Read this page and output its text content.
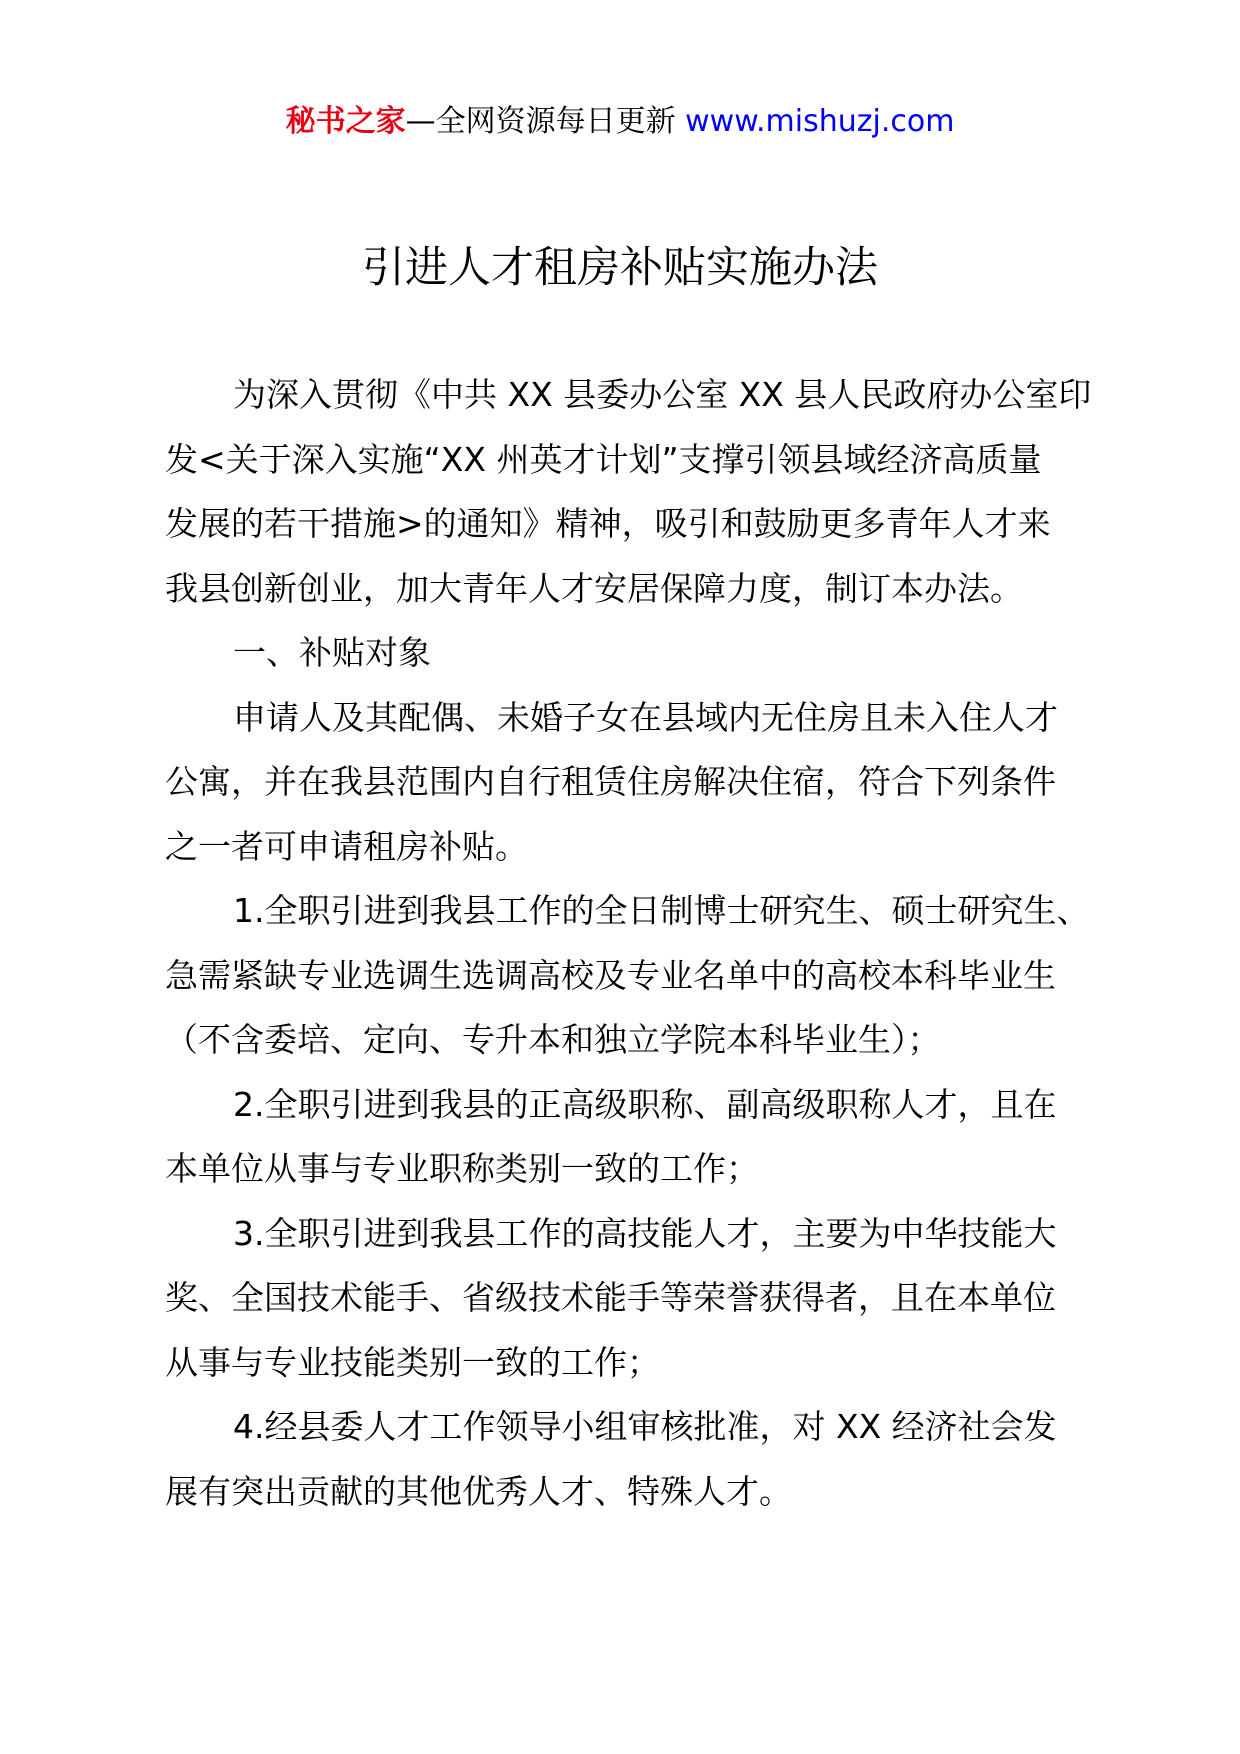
秘书之家—全网资源每日更新 www.mishuzj.com
引进人才租房补贴实施办法

为深入贯彻《中共 XX 县委办公室 XX 县人民政府办公室印
发<关于深入实施“XX 州英才计划”支撑引领县域经济高质量
发展的若干措施>的通知》精神，吸引和鼓励更多青年人才来
我县创新创业，加大青年人才安居保障力度，制订本办法。

一、补贴对象

申请人及其配偶、未婚子女在县域内无住房且未入住人才
公寓，并在我县范围内自行租赁住房解决住宿，符合下列条件
之一者可申请租房补贴。

1.全职引进到我县工作的全日制博士研究生、硕士研究生、
急需紧缺专业选调生选调高校及专业名单中的高校本科毕业生
（不含委培、定向、专升本和独立学院本科毕业生）；

2.全职引进到我县的正高级职称、副高级职称人才，且在
本单位从事与专业职称类别一致的工作；

3.全职引进到我县工作的高技能人才，主要为中华技能大
奖、全国技术能手、省级技术能手等荣誉获得者，且在本单位
从事与专业技能类别一致的工作；

4.经县委人才工作领导小组审核批准，对 XX 经济社会发
展有突出贡献的其他优秀人才、特殊人才。
